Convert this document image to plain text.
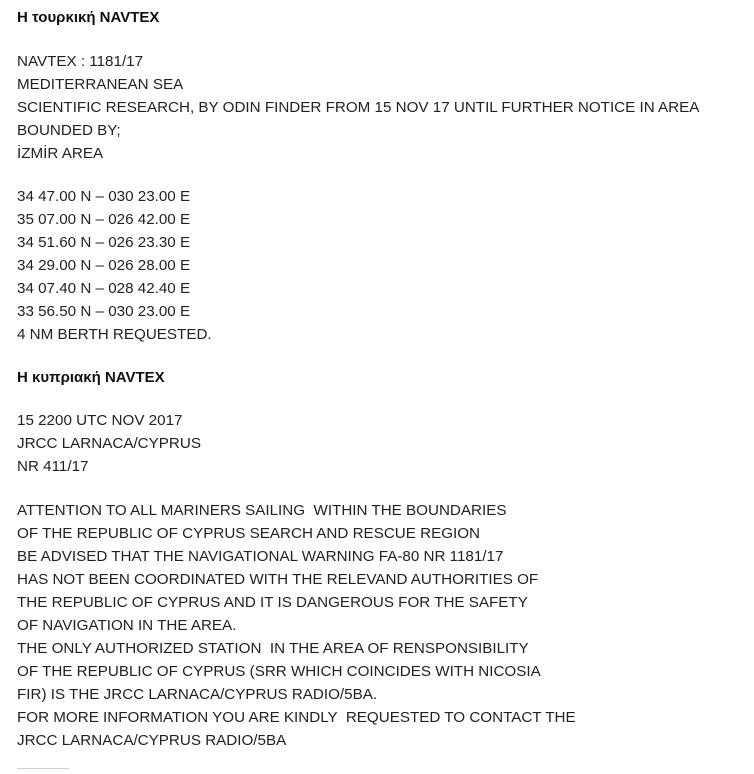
Η τουρκική NAVTEX
NAVTEX : 1181/17
MEDITERRANEAN SEA
SCIENTIFIC RESEARCH, BY ODIN FINDER FROM 15 NOV 17 UNTIL FURTHER NOTICE IN AREA
BOUNDED BY;
İZMİR AREA
34 47.00 N – 030 23.00 E
35 07.00 N – 026 42.00 E
34 51.60 N – 026 23.30 E
34 29.00 N – 026 28.00 E
34 07.40 N – 028 42.40 E
33 56.50 N – 030 23.00 E
4 NM BERTH REQUESTED.
Η κυπριακή NAVTEX
15 2200 UTC NOV 2017
JRCC LARNACA/CYPRUS
NR 411/17
ATTENTION TO ALL MARINERS SAILING  WITHIN THE BOUNDARIES
OF THE REPUBLIC OF CYPRUS SEARCH AND RESCUE REGION
BE ADVISED THAT THE NAVIGATIONAL WARNING FA-80 NR 1181/17
HAS NOT BEEN COORDINATED WITH THE RELEVAND AUTHORITIES OF
THE REPUBLIC OF CYPRUS AND IT IS DANGEROUS FOR THE SAFETY
OF NAVIGATION IN THE AREA.
THE ONLY AUTHORIZED STATION  IN THE AREA OF RENSPONSIBILITY
OF THE REPUBLIC OF CYPRUS (SRR WHICH COINCIDES WITH NICOSIA
FIR) IS THE JRCC LARNACA/CYPRUS RADIO/5BA.
FOR MORE INFORMATION YOU ARE KINDLY  REQUESTED TO CONTACT THE
JRCC LARNACA/CYPRUS RADIO/5BA
